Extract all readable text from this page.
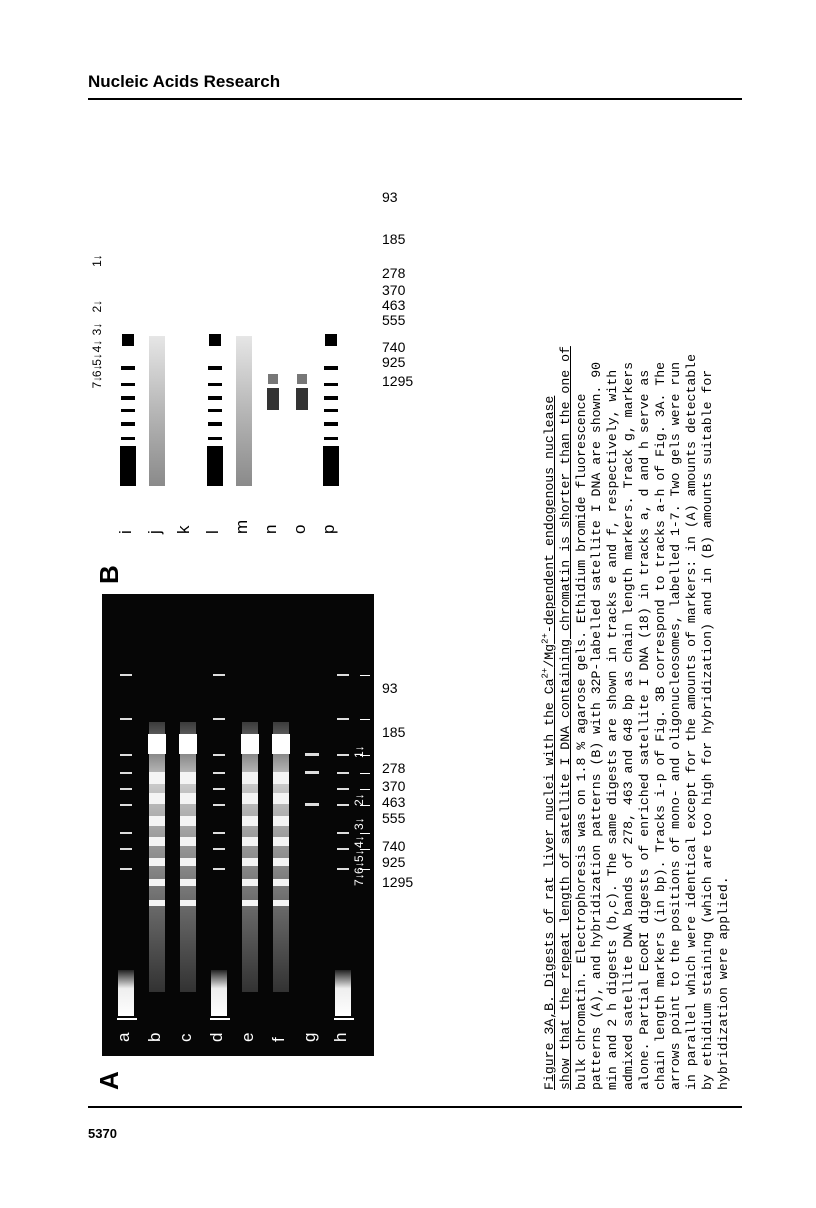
Nucleic Acids Research
A
a b c d e f g h
B
i j k l m n o p
Figure 3A,B. Digests of rat liver nuclei with the $Ca^{2+}/Mg^{2+}$-dependent endogenous nuclease
show that the repeat length of satellite I DNA containing chromatin is shorter than the one of
bulk chromatin. Electrophoresis was on 1.8 % agarose gels. Ethidium bromide fluorescence
patterns (A), and hybridization patterns (B) with 32P-labelled satellite I DNA are shown. 90
min and 2 h digests (b,c). The same digests are shown in tracks e and f, respectively, with
admixed satellite DNA bands of 278, 463 and 648 bp as chain length markers. Track g, markers
alone. Partial EcoRI digests of enriched satellite I DNA (18) in tracks a, d and h serve as
chain length markers (in bp). Tracks i-p of Fig. 3B correspond to tracks a-h of Fig. 3A. The
arrows point to the positions of mono- and oligonucleosomes, labelled 1-7. Two gels were run
in parallel which were identical except for the amounts of markers: in (A) amounts detectable
by ethidium staining (which are too high for hybridization) and in (B) amounts suitable for
hybridization were applied.
1295
925
740
555
463
370
278
185
93
1295
925
740
555
463
370
278
185
93
7↓
6↓
5↓
4↓
3↓
2↓
1↓
7↓
6↓
5↓
4↓
3↓
2↓
1↓
5370
